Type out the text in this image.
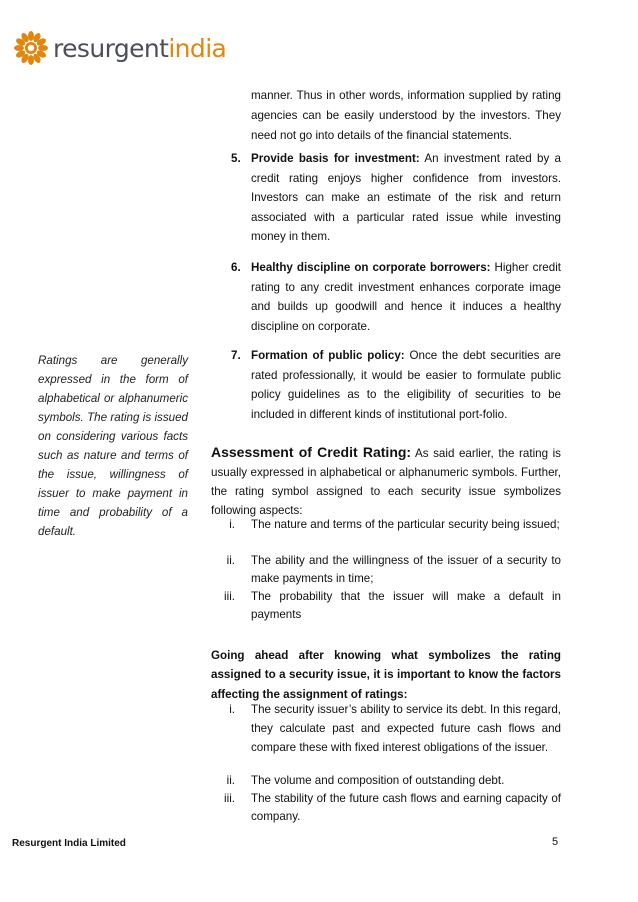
resurgentindia

manner. Thus in other words, information supplied by rating agencies can be easily understood by the investors. They need not go into details of the financial statements.

5. Provide basis for investment: An investment rated by a credit rating enjoys higher confidence from investors. Investors can make an estimate of the risk and return associated with a particular rated issue while investing money in them.
6. Healthy discipline on corporate borrowers: Higher credit rating to any credit investment enhances corporate image and builds up goodwill and hence it induces a healthy discipline on corporate.
7. Formation of public policy: Once the debt securities are rated professionally, it would be easier to formulate public policy guidelines as to the eligibility of securities to be included in different kinds of institutional port-folio.

Ratings are generally expressed in the form of alphabetical or alphanumeric symbols. The rating is issued on considering various facts such as nature and terms of the issue, willingness of issuer to make payment in time and probability of a default.

Assessment of Credit Rating: As said earlier, the rating is usually expressed in alphabetical or alphanumeric symbols. Further, the rating symbol assigned to each security issue symbolizes following aspects:

i. The nature and terms of the particular security being issued;
ii. The ability and the willingness of the issuer of a security to make payments in time;
iii. The probability that the issuer will make a default in payments

Going ahead after knowing what symbolizes the rating assigned to a security issue, it is important to know the factors affecting the assignment of ratings:

i. The security issuer’s ability to service its debt. In this regard, they calculate past and expected future cash flows and compare these with fixed interest obligations of the issuer.
ii. The volume and composition of outstanding debt.
iii. The stability of the future cash flows and earning capacity of company.
Resurgent India Limited	5
